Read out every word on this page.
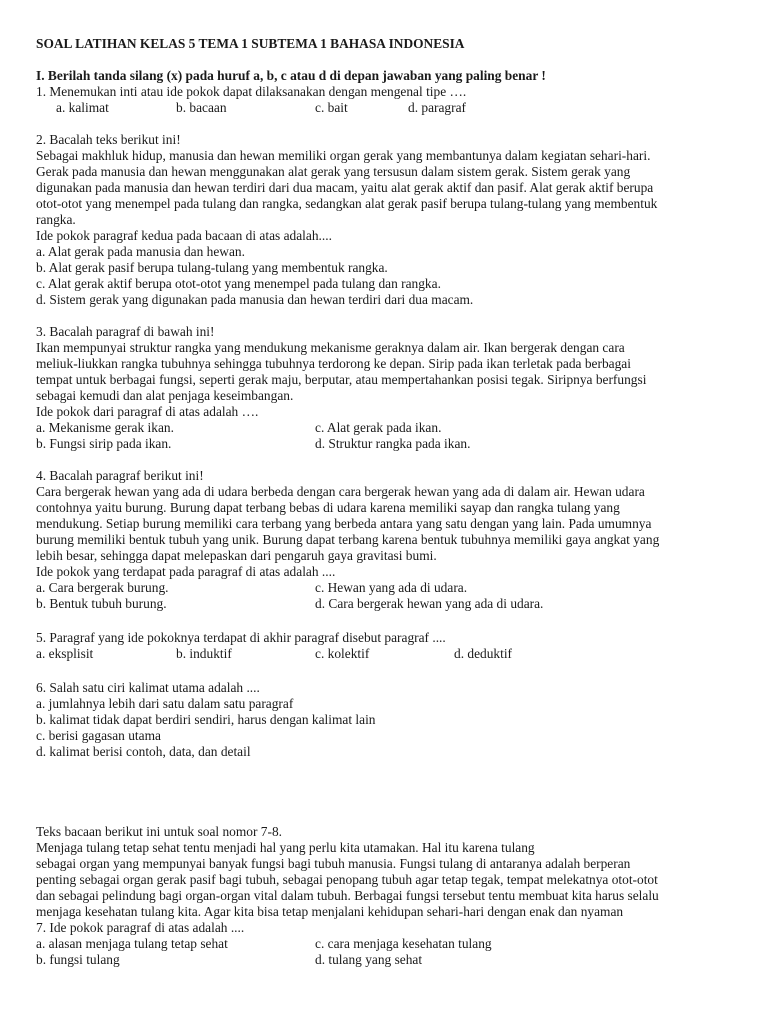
SOAL LATIHAN KELAS 5 TEMA 1 SUBTEMA 1 BAHASA INDONESIA
I. Berilah tanda silang (x) pada huruf a, b, c atau d di depan jawaban yang paling benar !
1. Menemukan inti atau ide pokok dapat dilaksanakan dengan mengenal tipe ….
a. kalimat	b. bacaan	c. bait	d. paragraf
2. Bacalah teks berikut ini!
Sebagai makhluk hidup, manusia dan hewan memiliki organ gerak yang membantunya dalam kegiatan sehari-hari.
Gerak pada manusia dan hewan menggunakan alat gerak yang tersusun dalam sistem gerak. Sistem gerak yang
digunakan pada manusia dan hewan terdiri dari dua macam, yaitu alat gerak aktif dan pasif. Alat gerak aktif berupa
otot-otot yang menempel pada tulang dan rangka, sedangkan alat gerak pasif berupa tulang-tulang yang membentuk
rangka.
Ide pokok paragraf kedua pada bacaan di atas adalah....
a. Alat gerak pada manusia dan hewan.
b. Alat gerak pasif berupa tulang-tulang yang membentuk rangka.
c. Alat gerak aktif berupa otot-otot yang menempel pada tulang dan rangka.
d. Sistem gerak yang digunakan pada manusia dan hewan terdiri dari dua macam.
3. Bacalah paragraf di bawah ini!
Ikan mempunyai struktur rangka yang mendukung mekanisme geraknya dalam air. Ikan bergerak dengan cara
meliuk-liukkan rangka tubuhnya sehingga tubuhnya terdorong ke depan. Sirip pada ikan terletak pada berbagai
tempat untuk berbagai fungsi, seperti gerak maju, berputar, atau mempertahankan posisi tegak. Siripnya berfungsi
sebagai kemudi dan alat penjaga keseimbangan.
Ide pokok dari paragraf di atas adalah ….
a. Mekanisme gerak ikan.	c. Alat gerak pada ikan.
b. Fungsi sirip pada ikan.	d. Struktur rangka pada ikan.
4. Bacalah paragraf berikut ini!
Cara bergerak hewan yang ada di udara berbeda dengan cara bergerak hewan yang ada di dalam air. Hewan udara
contohnya yaitu burung. Burung dapat terbang bebas di udara karena memiliki sayap dan rangka tulang yang
mendukung. Setiap burung memiliki cara terbang yang berbeda antara yang satu dengan yang lain. Pada umumnya
burung memiliki bentuk tubuh yang unik. Burung dapat terbang karena bentuk tubuhnya memiliki gaya angkat yang
lebih besar, sehingga dapat melepaskan dari pengaruh gaya gravitasi bumi.
Ide pokok yang terdapat pada paragraf di atas adalah ....
a. Cara bergerak burung.	c. Hewan yang ada di udara.
b. Bentuk tubuh burung.	d. Cara bergerak hewan yang ada di udara.
5. Paragraf yang ide pokoknya terdapat di akhir paragraf disebut paragraf ....
a. eksplisit	b. induktif	c. kolektif	d. deduktif
6. Salah satu ciri kalimat utama adalah ....
a. jumlahnya lebih dari satu dalam satu paragraf
b. kalimat tidak dapat berdiri sendiri, harus dengan kalimat lain
c. berisi gagasan utama
d. kalimat berisi contoh, data, dan detail
Teks bacaan berikut ini untuk soal nomor 7-8.
Menjaga tulang tetap sehat tentu menjadi hal yang perlu kita utamakan. Hal itu karena tulang
sebagai organ yang mempunyai banyak fungsi bagi tubuh manusia. Fungsi tulang di antaranya adalah berperan
penting sebagai organ gerak pasif bagi tubuh, sebagai penopang tubuh agar tetap tegak, tempat melekatnya otot-otot
dan sebagai pelindung bagi organ-organ vital dalam tubuh. Berbagai fungsi tersebut tentu membuat kita harus selalu
menjaga kesehatan tulang kita. Agar kita bisa tetap menjalani kehidupan sehari-hari dengan enak dan nyaman
7. Ide pokok paragraf di atas adalah ....
a. alasan menjaga tulang tetap sehat	c. cara menjaga kesehatan tulang
b. fungsi tulang	d. tulang yang sehat
